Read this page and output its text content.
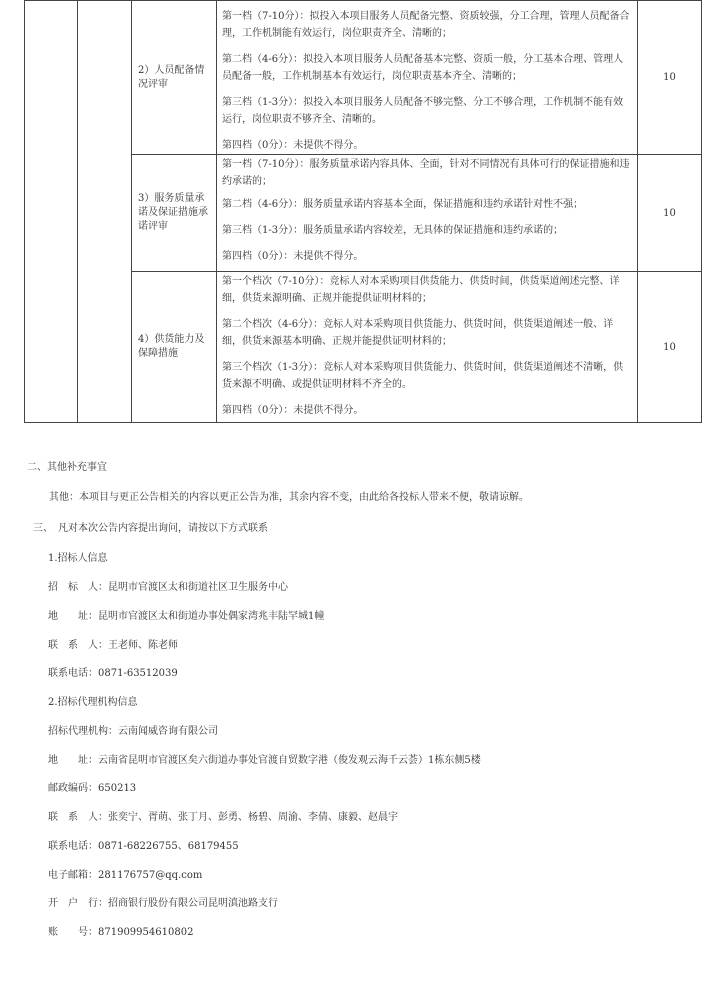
	2）人员配备情况评审	第一档（7-10分）：拟投入本项目服务人员配备完整、资质较强，分工合理，管理人员配备合理，工作机制能有效运行，岗位职责齐全、清晰的；

第二档（4-6分）：拟投入本项目服务人员配备基本完整、资质一般，分工基本合理、管理人员配备一般，工作机制基本有效运行，岗位职责基本齐全、清晰的；

第三档（1-3分）：拟投入本项目服务人员配备不够完整、分工不够合理，工作机制不能有效运行，岗位职责不够齐全、清晰的。

第四档（0分）：未提供不得分。	10
		3）服务质量承诺及保证措施承诺评审	第一档（7-10分）：服务质量承诺内容具体、全面，针对不同情况有具体可行的保证措施和违约承诺的；

第二档（4-6分）：服务质量承诺内容基本全面，保证措施和违约承诺针对性不强；

第三档（1-3分）：服务质量承诺内容较差，无具体的保证措施和违约承诺的；

第四档（0分）：未提供不得分。	10
		4）供货能力及保障措施	第一个档次（7-10分）：竞标人对本采购项目供货能力、供货时间，供货渠道阐述完整、详细，供货来源明确、正规并能提供证明材料的；

第二个档次（4-6分）：竞标人对本采购项目供货能力、供货时间，供货渠道阐述一般、详细，供货来源基本明确、正规并能提供证明材料的；

第三个档次（1-3分）：竞标人对本采购项目供货能力、供货时间，供货渠道阐述不清晰，供货来源不明确、或提供证明材料不齐全的。

第四档（0分）：未提供不得分。	10
二、其他补充事宜
其他：本项目与更正公告相关的内容以更正公告为准，其余内容不变，由此给各投标人带来不便，敬请谅解。
三、　凡对本次公告内容提出询问，请按以下方式联系
1.招标人信息
招　标　人：昆明市官渡区太和街道社区卫生服务中心
地　　址：昆明市官渡区太和街道办事处偶家湾兆丰陆罕城1幢
联　系　人：王老师、陈老师
联系电话：0871-63512039
2.招标代理机构信息
招标代理机构：云南闻威咨询有限公司
地　　址：云南省昆明市官渡区矣六街道办事处官渡自贸数字港（俊发观云海千云荟）1栋东侧5楼
邮政编码：650213
联　系　人：张奕宁、胥萌、张丁月、彭勇、杨碧、周渝、李倩、康毅、赵晨宇
联系电话：0871-68226755、68179455
电子邮箱：281176757@qq.com
开　户　行：招商银行股份有限公司昆明滇池路支行
账　　号：871909954610802
